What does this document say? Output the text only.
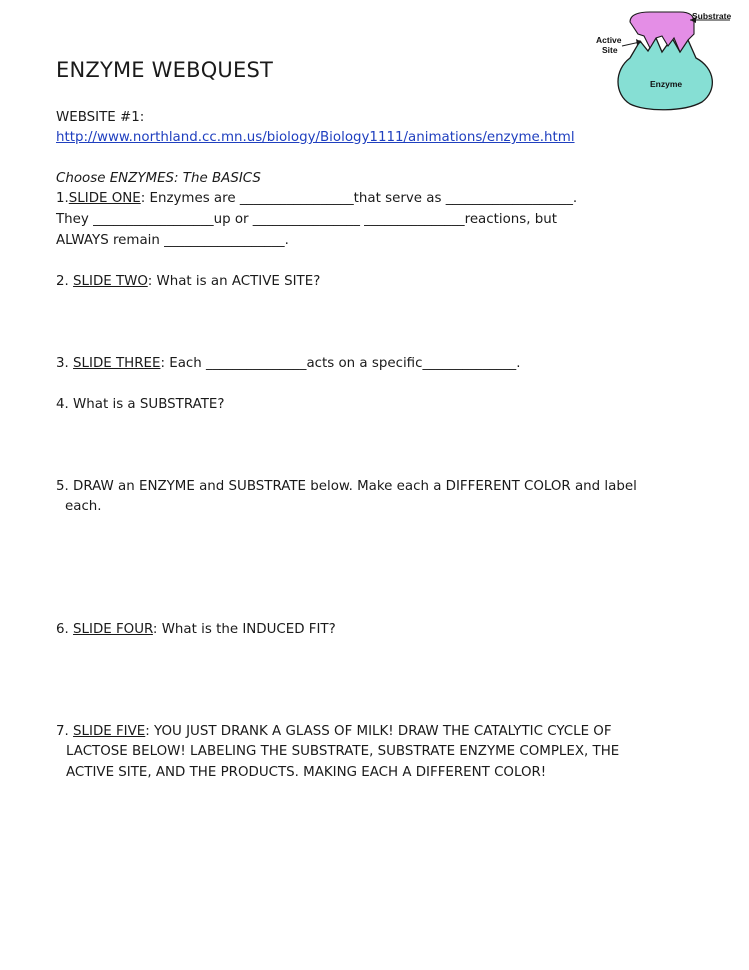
Substrate
Active
Site
Enzyme
ENZYME WEBQUEST
WEBSITE #1:
http://www.northland.cc.mn.us/biology/Biology1111/animations/enzyme.html
Choose ENZYMES: The BASICS
1.SLIDE ONE: Enzymes are _________________that serve as ___________________.
They __________________up or ________________ _______________reactions, but
ALWAYS remain __________________.
2. SLIDE TWO: What is an ACTIVE SITE?
3. SLIDE THREE: Each _______________acts on a specific______________.
4. What is a SUBSTRATE?
5. DRAW an ENZYME and SUBSTRATE below. Make each a DIFFERENT COLOR and label
each.
6. SLIDE FOUR: What is the INDUCED FIT?
7. SLIDE FIVE: YOU JUST DRANK A GLASS OF MILK! DRAW THE CATALYTIC CYCLE OF
LACTOSE BELOW! LABELING THE SUBSTRATE, SUBSTRATE ENZYME COMPLEX, THE
ACTIVE SITE, AND THE PRODUCTS. MAKING EACH A DIFFERENT COLOR!
